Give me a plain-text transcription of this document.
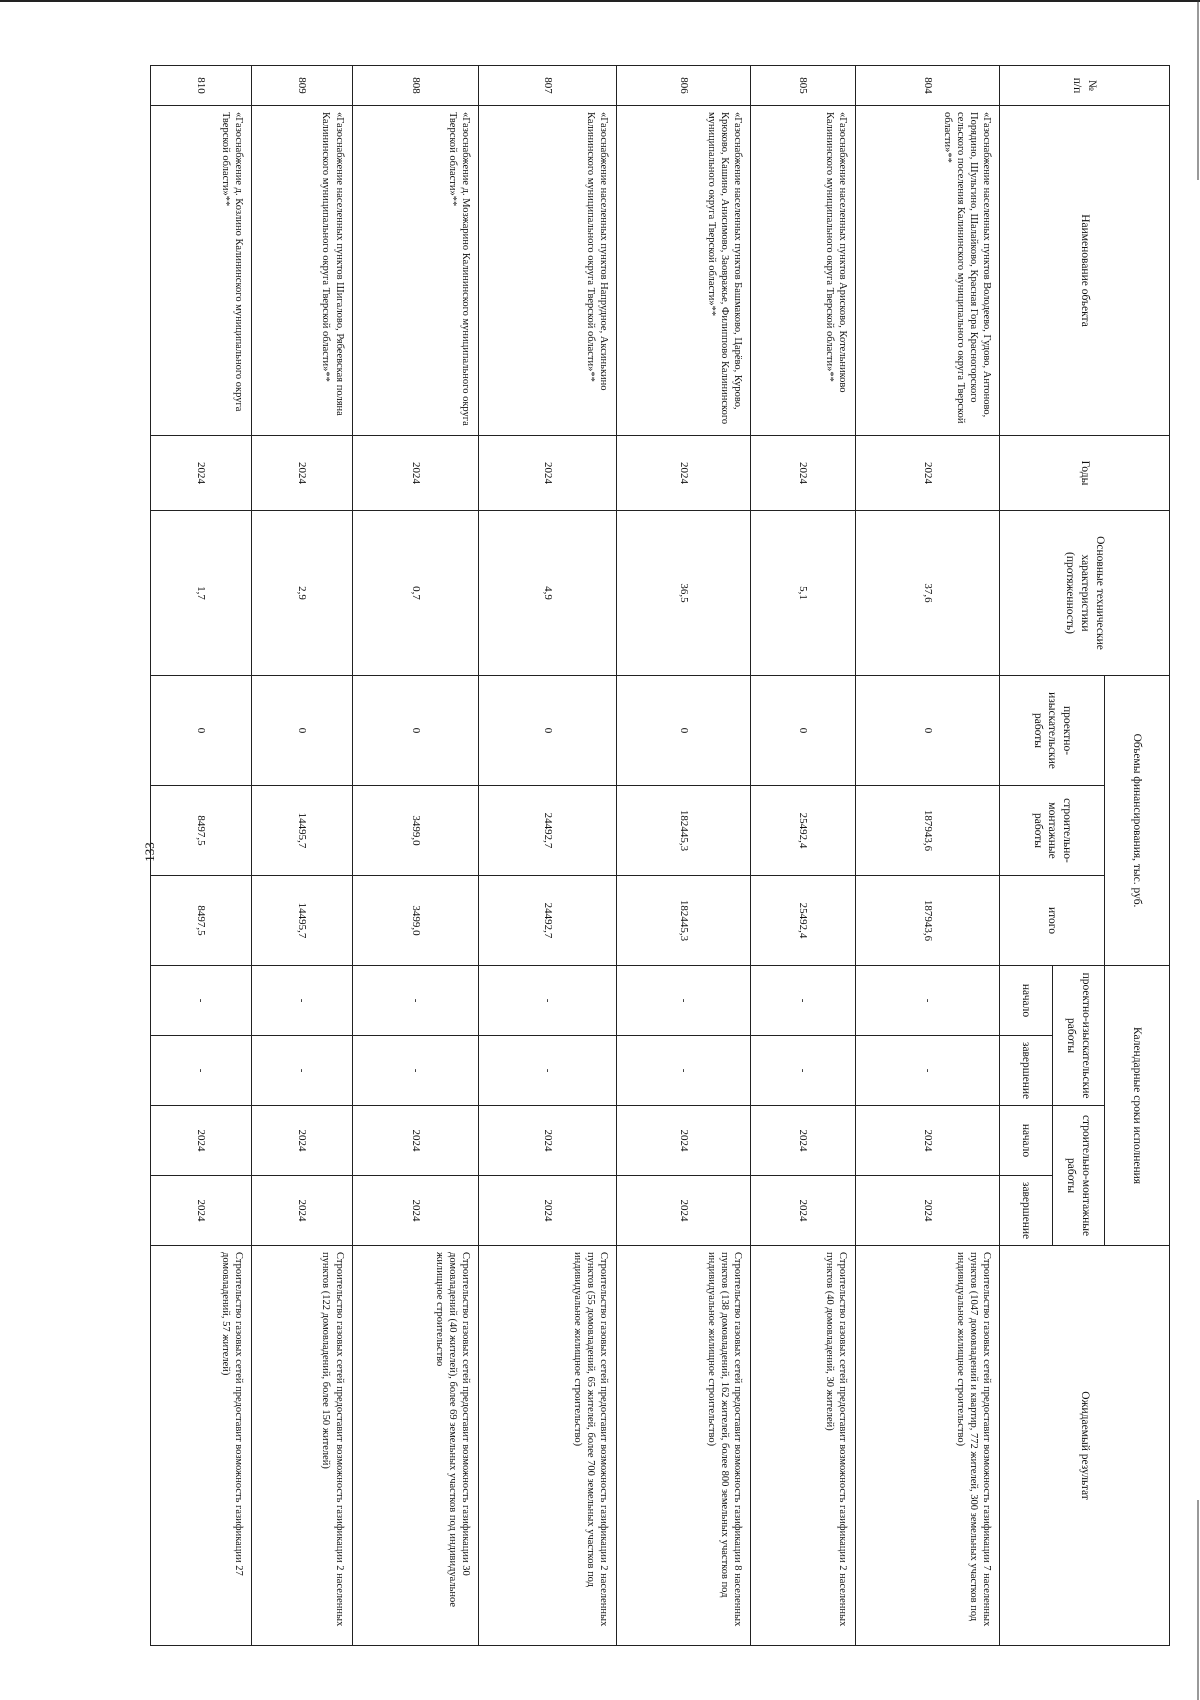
133
№
п/п	Наименование объекта	Годы	Основные технические характеристики (протяженность)	Объемы финансирования, тыс. руб.			Календарные сроки исполнения				Ожидаемый результат
				проектно-изыскательские работы	строительно-монтажные работы	итого	проектно-изыскательские работы		строительно-монтажные работы		
							начало	завершение	начало	завершение	
804	«Газоснабжение населенных пунктов Володеево, Гудово, Антоново, Порядино, Шульгино, Шалайково, Красная Гора Красногорского сельского поселения Калининского муниципального округа Тверской области»**	2024	37,6	0	187943,6	187943,6	-	-	2024	2024	Строительство газовых сетей предоставит возможность газификации 7 населенных пунктов (1047 домовладений и квартир, 772 жителей, 300 земельных участков под индивидуальное жилищное строительство)
805	«Газоснабжение населенных пунктов Арисково, Котельниково Калининского муниципального округа Тверской области»**	2024	5,1	0	25492,4	25492,4	-	-	2024	2024	Строительство газовых сетей предоставит возможность газификации 2 населенных пунктов (40 домовладений, 30 жителей)
806	«Газоснабжение населенных пунктов Башмаково, Царёво, Курово, Крюково, Кашино, Анисимово, Заовражье, Филиппово Калининского муниципального округа Тверской области»**	2024	36,5	0	182445,3	182445,3	-	-	2024	2024	Строительство газовых сетей предоставит возможность газификации 8 населенных пунктов (138 домовладений, 162 жителей, более 800 земельных участков под индивидуальное жилищное строительство)
807	«Газоснабжение населенных пунктов Напрудное, Аксинькино Калининского муниципального округа Тверской области»**	2024	4,9	0	24492,7	24492,7	-	-	2024	2024	Строительство газовых сетей предоставит возможность газификации 2 населенных пунктов (55 домовладений, 65 жителей, более 700 земельных участков под индивидуальное жилищное строительство)
808	«Газоснабжение д. Мозжарино Калининского муниципального округа Тверской области»**	2024	0,7	0	3499,0	3499,0	-	-	2024	2024	Строительство газовых сетей предоставит возможность газификации 30 домовладений (40 жителей), более 69 земельных участков под индивидуальное жилищное строительство
809	«Газоснабжение населенных пунктов Шигалово, Рябеевская поляна Калининского муниципального округа Тверской области»**	2024	2,9	0	14495,7	14495,7	-	-	2024	2024	Строительство газовых сетей предоставит возможность газификации 2 населенных пунктов (122 домовладений, более 150 жителей)
810	«Газоснабжение д. Козлино Калининского муниципального округа Тверской области»**	2024	1,7	0	8497,5	8497,5	-	-	2024	2024	Строительство газовых сетей предоставит возможность газификации 27 домовладений, 57 жителей)
